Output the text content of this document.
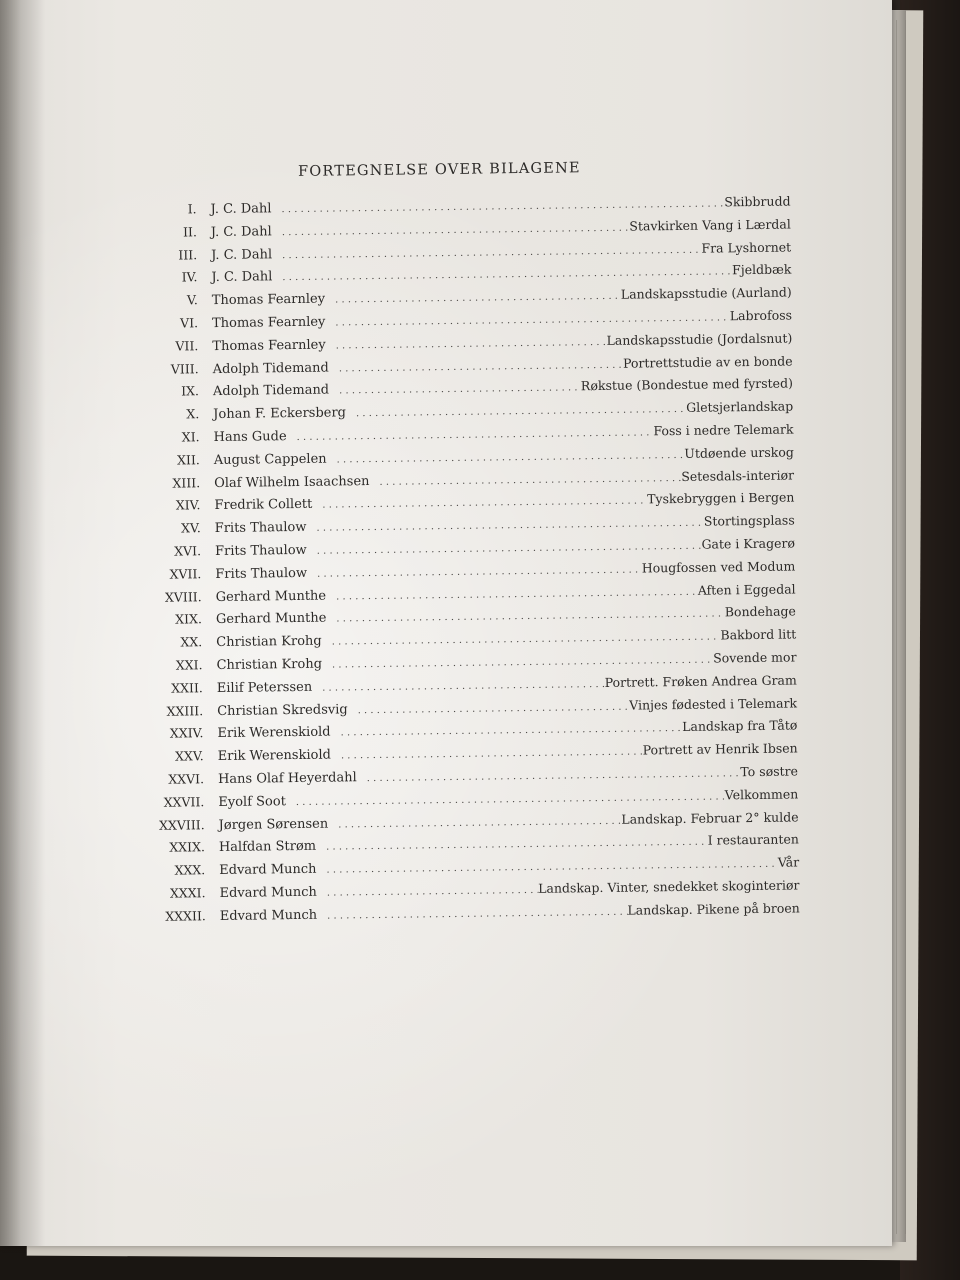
FORTEGNELSE OVER BILAGENE
I.	J. C. Dahl . . .	Skibbrudd
II.	J. C. Dahl . . .	Stavkirken Vang i Lærdal
III.	J. C. Dahl . . .	Fra Lyshornet
IV.	J. C. Dahl . . .	Fjeldbæk
V.	Thomas Fearnley . . .	Landskapsstudie (Aurland)
VI.	Thomas Fearnley . . .	Labrofoss
VII.	Thomas Fearnley . . .	Landskapsstudie (Jordalsnut)
VIII.	Adolph Tidemand . . .	Portrettstudie av en bonde
IX.	Adolph Tidemand . . .	Røkstue (Bondestue med fyrsted)
X.	Johan F. Eckersberg . . .	Gletsjerlandskap
XI.	Hans Gude . . .	Foss i nedre Telemark
XII.	August Cappelen . . .	Utdøende urskog
XIII.	Olaf Wilhelm Isaachsen . . .	Setesdals-interiør
XIV.	Fredrik Collett . . .	Tyskebryggen i Bergen
XV.	Frits Thaulow . . .	Stortingsplass
XVI.	Frits Thaulow . . .	Gate i Kragerø
XVII.	Frits Thaulow . . .	Hougfossen ved Modum
XVIII.	Gerhard Munthe . . .	Aften i Eggedal
XIX.	Gerhard Munthe . . .	Bondehage
XX.	Christian Krohg . . .	Bakbord litt
XXI.	Christian Krohg . . .	Sovende mor
XXII.	Eilif Peterssen . . .	Portrett. Frøken Andrea Gram
XXIII.	Christian Skredsvig . . .	Vinjes fødested i Telemark
XXIV.	Erik Werenskiold . . .	Landskap fra Tåtø
XXV.	Erik Werenskiold . . .	Portrett av Henrik Ibsen
XXVI.	Hans Olaf Heyerdahl . . .	To søstre
XXVII.	Eyolf Soot . . .	Velkommen
XXVIII.	Jørgen Sørensen . . .	Landskap. Februar 2° kulde
XXIX.	Halfdan Strøm . . .	I restauranten
XXX.	Edvard Munch . . .	Vår
XXXI.	Edvard Munch . . .	Landskap. Vinter, snedekket skoginteriør
XXXII.	Edvard Munch . . .	Landskap. Pikene på broen
